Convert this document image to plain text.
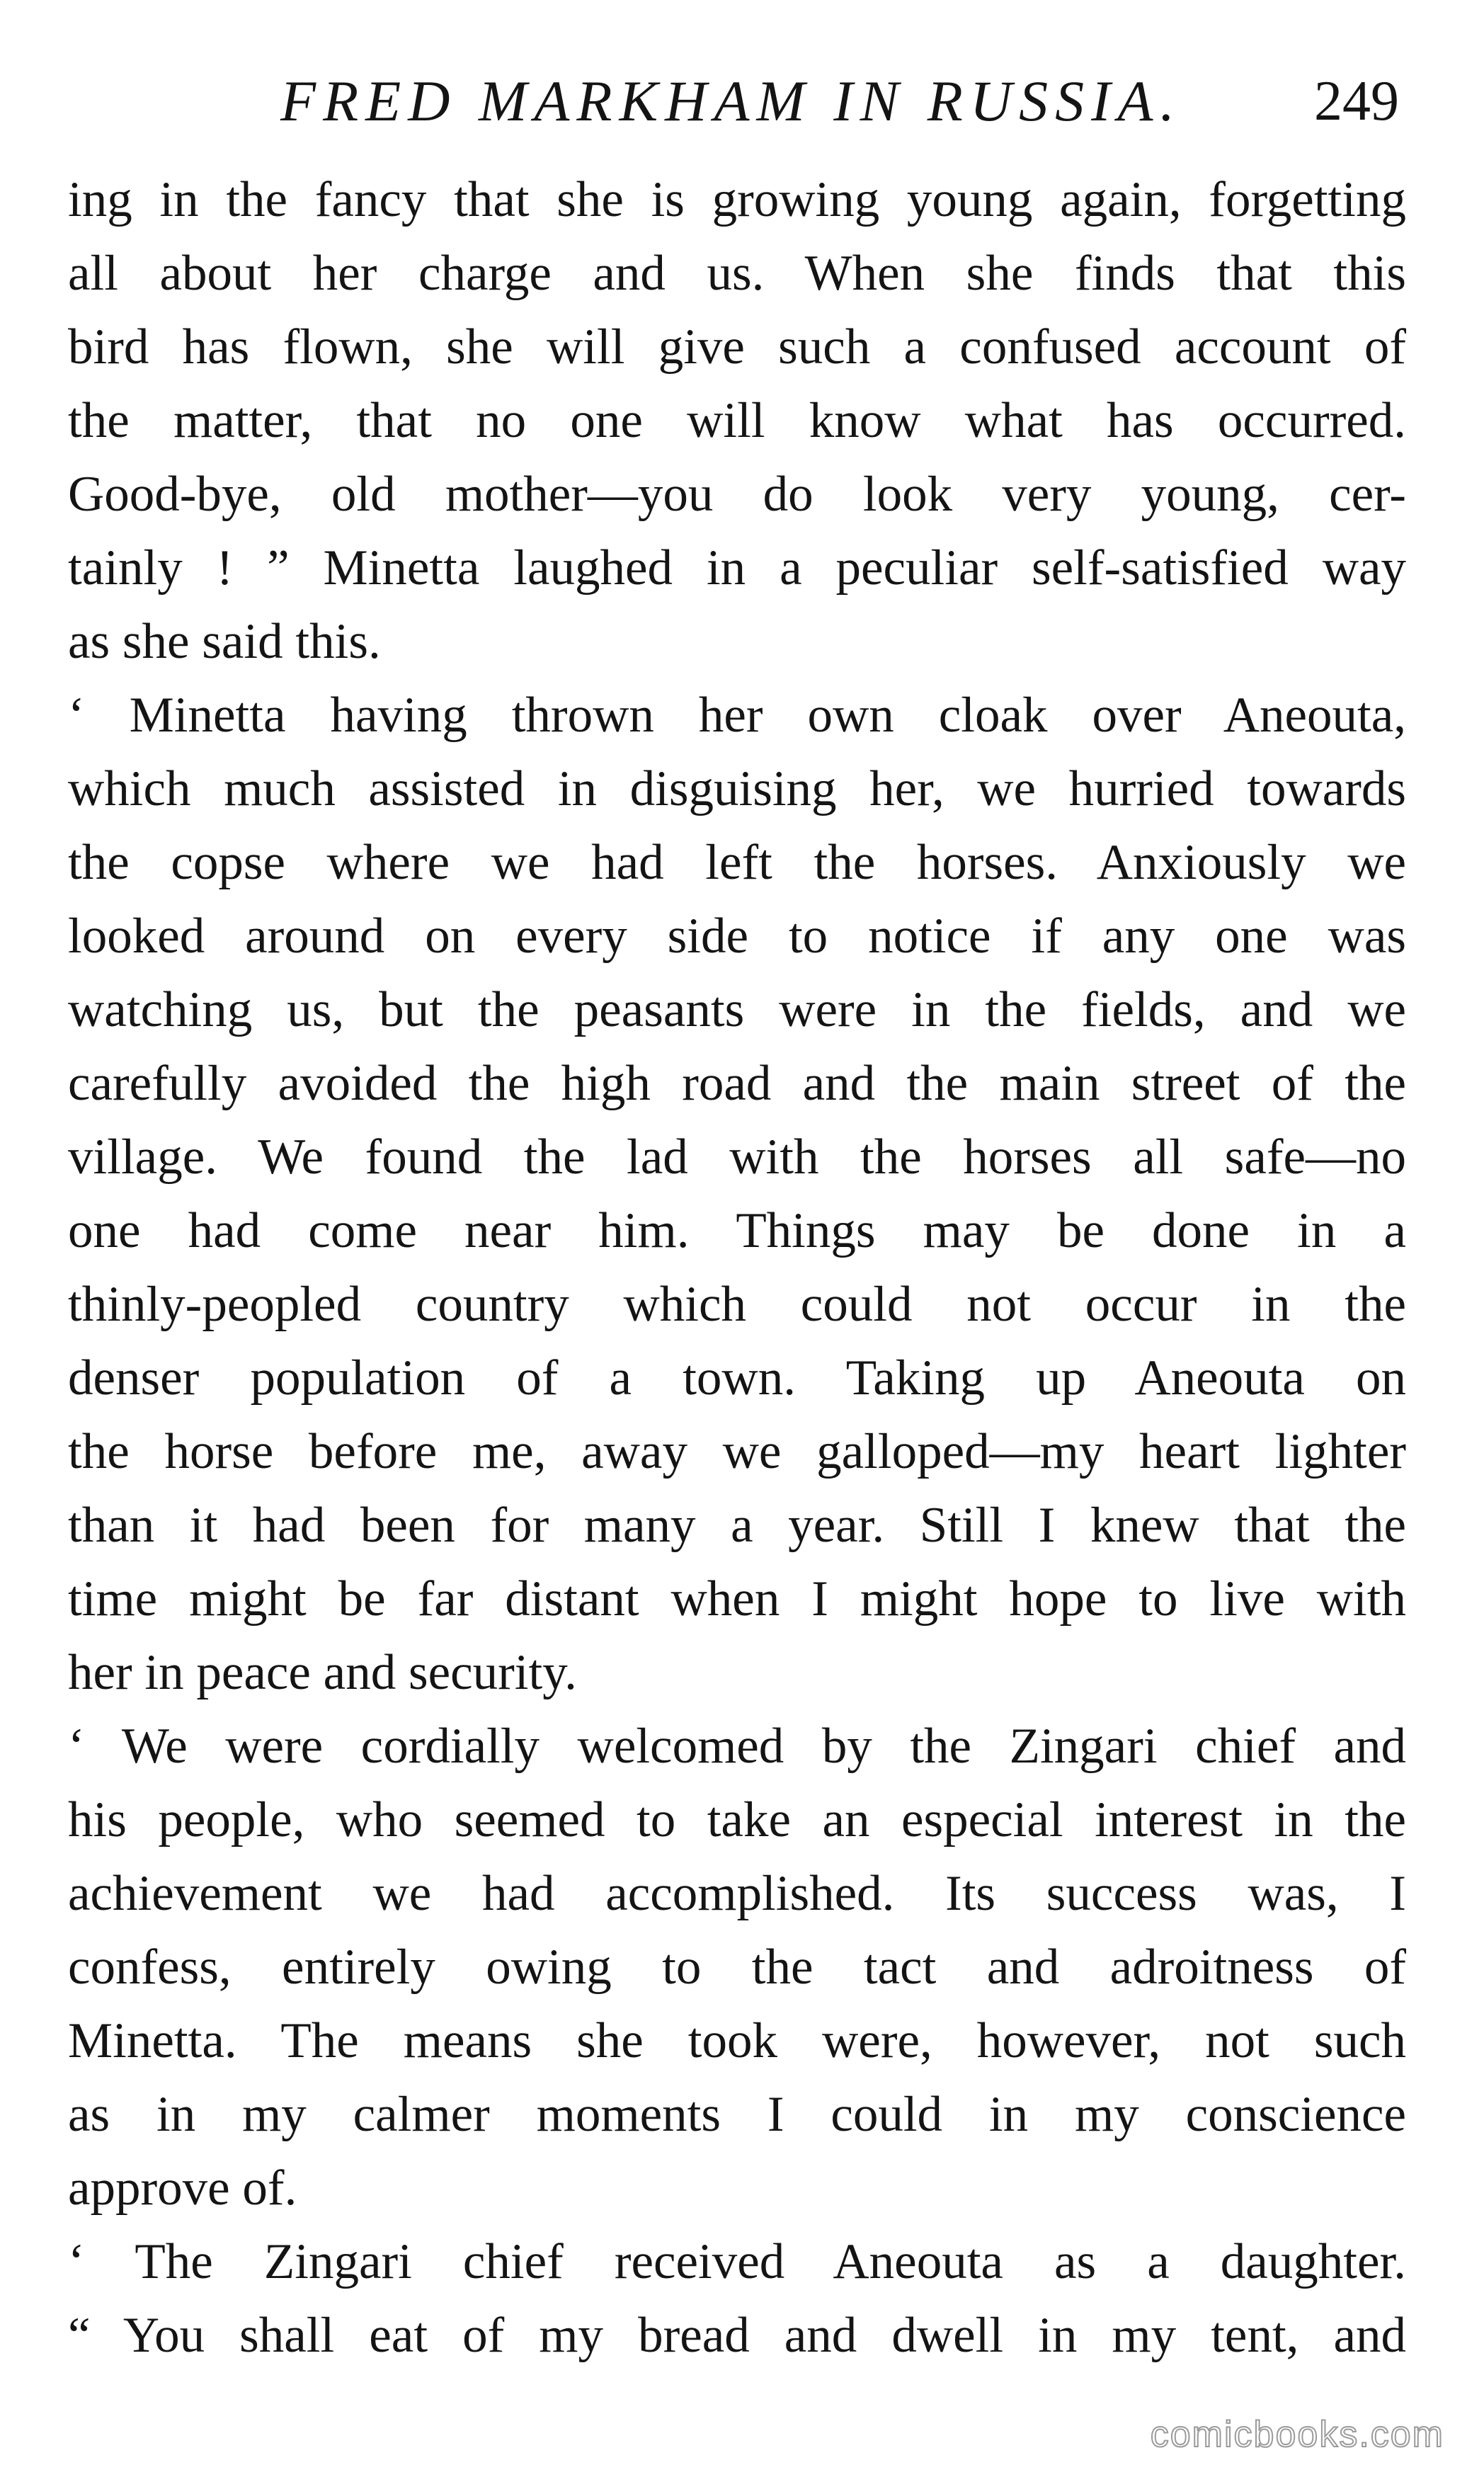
FRED MARKHAM IN RUSSIA. 249
ing in the fancy that she is growing young again, forgetting
all about her charge and us. When she finds that this
bird has flown, she will give such a confused account of
the matter, that no one will know what has occurred.
Good-bye, old mother—you do look very young, cer-
tainly ! ” Minetta laughed in a peculiar self-satisfied way
as she said this.
‘ Minetta having thrown her own cloak over Aneouta,
which much assisted in disguising her, we hurried towards
the copse where we had left the horses. Anxiously we
looked around on every side to notice if any one was
watching us, but the peasants were in the fields, and we
carefully avoided the high road and the main street of the
village. We found the lad with the horses all safe—no
one had come near him. Things may be done in a
thinly-peopled country which could not occur in the
denser population of a town. Taking up Aneouta on
the horse before me, away we galloped—my heart lighter
than it had been for many a year. Still I knew that the
time might be far distant when I might hope to live with
her in peace and security.
‘ We were cordially welcomed by the Zingari chief and
his people, who seemed to take an especial interest in the
achievement we had accomplished. Its success was, I
confess, entirely owing to the tact and adroitness of
Minetta. The means she took were, however, not such
as in my calmer moments I could in my conscience
approve of.
‘ The Zingari chief received Aneouta as a daughter.
“ You shall eat of my bread and dwell in my tent, and
comicbooks.com
